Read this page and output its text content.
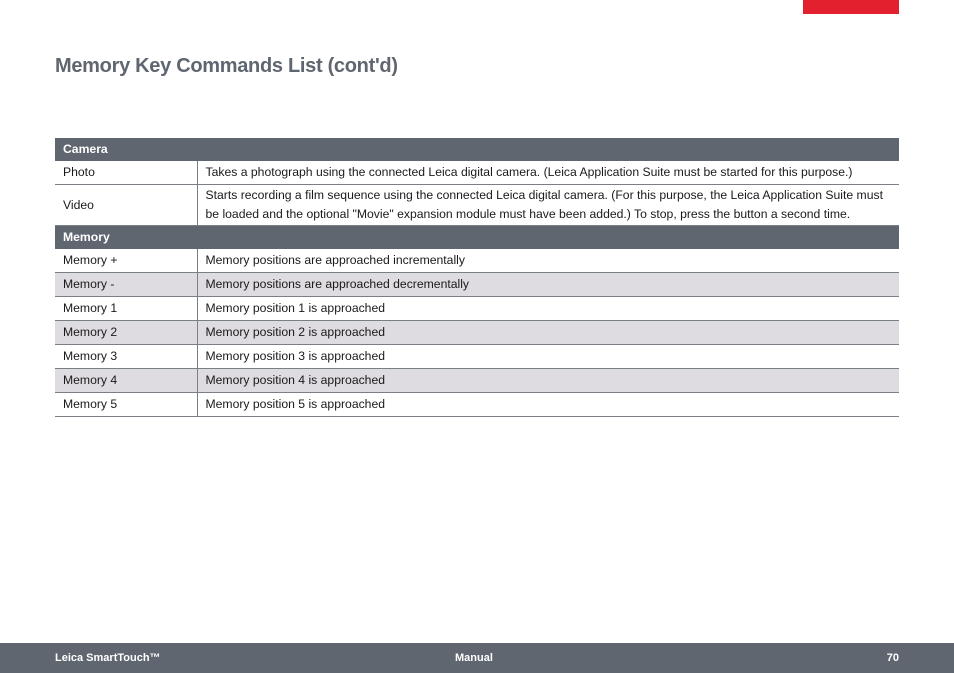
Memory Key Commands List (cont'd)
Camera	
Photo	Takes a photograph using the connected Leica digital camera. (Leica Application Suite must be started for this purpose.)
Video	Starts recording a film sequence using the connected Leica digital camera. (For this purpose, the Leica Application Suite must be loaded and the optional "Movie" expansion module must have been added.) To stop, press the button a second time.
Memory	
Memory +	Memory positions are approached incrementally
Memory -	Memory positions are approached decrementally
Memory 1	Memory position 1 is approached
Memory 2	Memory position 2 is approached
Memory 3	Memory position 3 is approached
Memory 4	Memory position 4 is approached
Memory 5	Memory position 5 is approached
Leica SmartTouch™	Manual	70
